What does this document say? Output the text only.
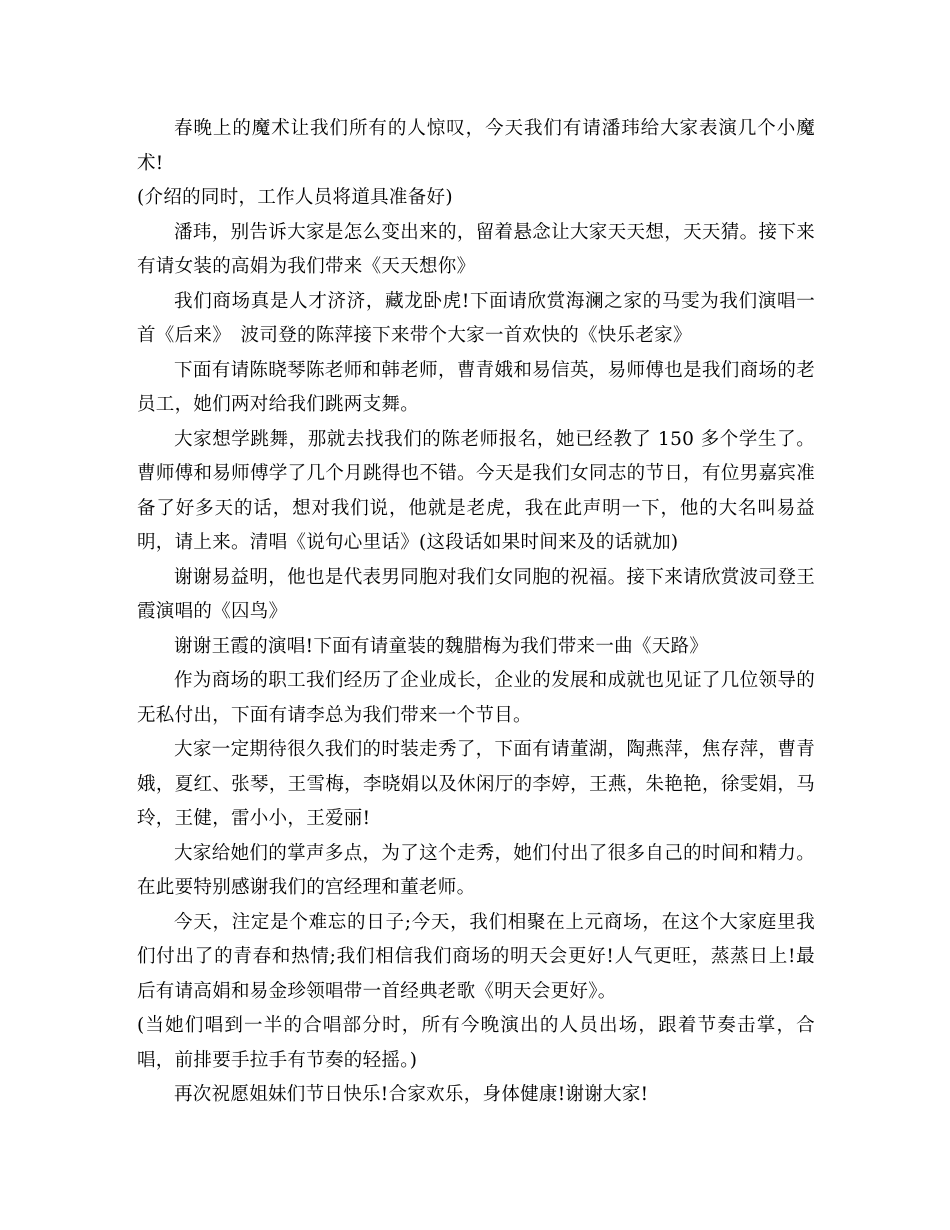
春晚上的魔术让我们所有的人惊叹，今天我们有请潘玮给大家表演几个小魔术!

(介绍的同时，工作人员将道具准备好)

潘玮，别告诉大家是怎么变出来的，留着悬念让大家天天想，天天猜。接下来有请女装的高娟为我们带来《天天想你》

我们商场真是人才济济，藏龙卧虎!下面请欣赏海澜之家的马雯为我们演唱一首《后来》　波司登的陈萍接下来带个大家一首欢快的《快乐老家》

下面有请陈晓琴陈老师和韩老师，曹青娥和易信英，易师傅也是我们商场的老员工，她们两对给我们跳两支舞。

大家想学跳舞，那就去找我们的陈老师报名，她已经教了 150 多个学生了。曹师傅和易师傅学了几个月跳得也不错。今天是我们女同志的节日，有位男嘉宾准备了好多天的话，想对我们说，他就是老虎，我在此声明一下，他的大名叫易益明，请上来。清唱《说句心里话》(这段话如果时间来及的话就加)

谢谢易益明，他也是代表男同胞对我们女同胞的祝福。接下来请欣赏波司登王霞演唱的《囚鸟》

谢谢王霞的演唱!下面有请童装的魏腊梅为我们带来一曲《天路》

作为商场的职工我们经历了企业成长，企业的发展和成就也见证了几位领导的无私付出，下面有请李总为我们带来一个节目。

大家一定期待很久我们的时装走秀了，下面有请董湖，陶燕萍，焦存萍，曹青娥，夏红、张琴，王雪梅，李晓娟以及休闲厅的李婷，王燕，朱艳艳，徐雯娟，马玲，王健，雷小小，王爱丽!

大家给她们的掌声多点，为了这个走秀，她们付出了很多自己的时间和精力。在此要特别感谢我们的宫经理和董老师。

今天，注定是个难忘的日子;今天，我们相聚在上元商场，在这个大家庭里我们付出了的青春和热情;我们相信我们商场的明天会更好!人气更旺，蒸蒸日上!最后有请高娟和易金珍领唱带一首经典老歌《明天会更好》。

(当她们唱到一半的合唱部分时，所有今晚演出的人员出场，跟着节奏击掌，合唱，前排要手拉手有节奏的轻摇。)

再次祝愿姐妹们节日快乐!合家欢乐，身体健康!谢谢大家!
